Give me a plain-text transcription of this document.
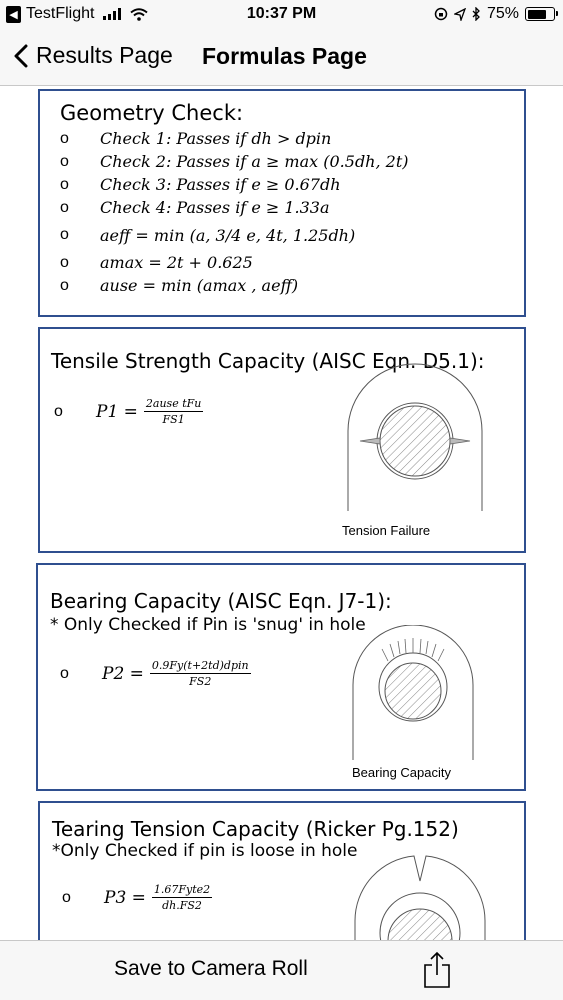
◀ TestFlight	10:37 PM	75%
Results Page Formulas Page
Geometry Check:
o	Check 1: Passes if dh > dpin
o	Check 2: Passes if a ≥ max (0.5dh, 2t)
o	Check 3: Passes if e ≥ 0.67dh
o	Check 4: Passes if e ≥ 1.33a
o	aeff = min (a, 3/4 e, 4t, 1.25dh)
o	amax = 2t + 0.625
o	ause = min (amax , aeff)
Tensile Strength Capacity (AISC Eqn. D5.1):
o	$P1 = \frac{\text{2ause tFu}}{FS1}$
Tension Failure
Bearing Capacity (AISC Eqn. J7-1):
* Only Checked if Pin is 'snug' in hole
o	$P2 = \frac{\text{0.9Fy(t+2td)dpin}}{FS2}$
Bearing Capacity
Tearing Tension Capacity (Ricker Pg.152)
*Only Checked if pin is loose in hole
o	$P3 = \frac{\text{1.67Fyte2}}{dh.FS2}$
Save to Camera Roll
